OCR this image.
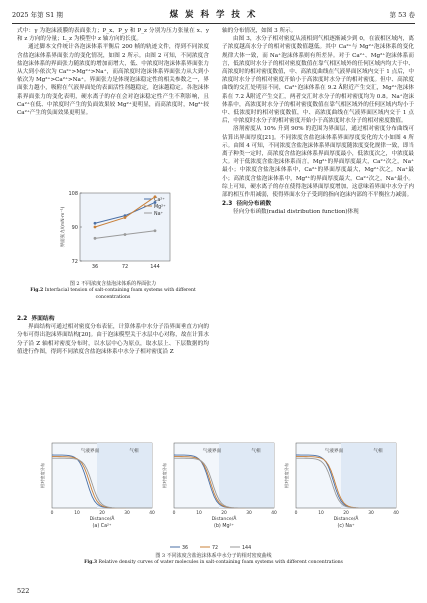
2025 年第 S1 期	煤 炭 科 学 技 术	第 53 卷

式中：γ 为泡沫液膜的表面张力；P_x、P_y 和 P_z 分别为压力张量在 x、y 和 z 方向的分量；L_z 为模型中 z 轴方向的长度。

通过脚本文件统计各泡沫体系平衡后 200 帧的轨迹文件，得到不同浓度含盐泡沫体系界面张力的变化情况，如图 2 所示。由图 2 可知，不同浓度含盐泡沫体系的界面张力随浓度的增加而增大，低、中浓度时泡沫体系界面张力从大到小依次为 Ca²⁺>Mg²⁺>Na⁺，而高浓度时泡沫体系界面张力从大到小依次为 Mg²⁺>Ca²⁺>Na⁺。界面张力是体现泡沫稳定性的相关参数之一，界面张力越小，吸附在气液界面处的表面活性剂越稳定，泡沫越稳定。各泡沫体系界面张力的变化表明，硬水离子的存在会对泡沫稳定性产生不利影响，且 Ca²⁺在低、中浓度时产生的负面效果较 Mg²⁺更明显，而高浓度时，Mg²⁺较 Ca²⁺产生的负面效果更明显。

72
90
108
36	72	144
界面张力/(mN·m⁻¹)
Ca²⁺
Mg²⁺
Na⁺
图 2 不同浓度含盐泡沫体系的界面张力
Fig.2 Interfacial tension of salt-containing foam systems with different concentrations
2.2 界面结构

界面结构可通过相对密度分布表征，计算体系中水分子沿界面垂直方向的分布可得出泡沫界面结构[20]。由于泡沫模型关于水层中心对称，故在计算水分子沿 Z 轴相对密度分布时，以水层中心为原点，取水层上、下层数据的均值进行作图，得到不同浓度含盐泡沫体系中水分子相对密度沿 Z

轴的分布情况，如图 3 所示。

由图 3，水分子相对密度从液相到气相逐渐减少到 0，在液相区域内，离子浓度越高水分子的相对密度数值越低。其中 Ca²⁺与 Mg²⁺泡沫体系的变化规律大体一致，而 Na⁺泡沫体系则有所差异。对于 Ca²⁺、Mg²⁺泡沫体系而言，低浓度时水分子的相对密度数值在靠气相区域外的任何区域内均大于中、高浓度时的相对密度数值，中、高浓度曲线在气液界面区域内交于 1 点后，中浓度时水分子的相对密度开始小于高浓度时水分子的相对密度。但中、高浓度曲线的交汇处明显不同，Ca²⁺泡沫体系在 9.2 Å附近产生交汇，Mg²⁺泡沫体系在 7.2 Å附近产生交汇，两者交汇时水分子的相对密度均为 0.8。Na⁺泡沫体系中，高浓度时水分子的相对密度数值在靠气相区域外的任何区域内均小于中、低浓度时的相对密度数值，中、高浓度曲线在气液界面区域内交于 1 点后，中浓度时水分子的相对密度开始小于高浓度时水分子的相对密度数值。

溶剂密度从 10% 升到 90% 的范围为界面层，通过相对密度分布曲线可估算出界面厚度[21]。不同浓度含盐泡沫体系界面厚度变化的大小如图 4 所示。由图 4 可知，不同浓度含盐泡沫体系界面厚度随浓度变化规律一致，即当离子种类一定时，高浓度含盐泡沫体系界面厚度最小，低浓度次之，中浓度最大。对于低浓度含盐泡沫体系而言，Mg²⁺的界面厚度最大，Ca²⁺次之，Na⁺最小；中浓度含盐泡沫体系中，Ca²⁺的界面厚度最大，Mg²⁺次之，Na⁺最小；高浓度含盐泡沫体系中，Mg²⁺的界面厚度最大，Ca²⁺次之，Na⁺最小。综上可知，硬水离子的存在使得泡沫界面厚度增加，这意味着界面中水分子内部的相互作用减弱，使得界面水分子受到的指向泡沫内部的不平衡拉力减弱。

2.3 径向分布函数

径向分布函数(radial distribution function)体现

气液界面	气相
0	10	20	30	40
Distance/Å
(a) Ca²⁺
相对密度分布
气液界面	气相
0	10	20	30	40
Distance/Å
(b) Mg²⁺
相对密度分布
气液界面	气相
0	10	20	30	40
Distance/Å
(c) Na⁺
相对密度分布
36	72	144
图 3 不同浓度含盐泡沫体系中水分子的相对密度曲线
Fig.3 Relative density curves of water molecules in salt-containing foam systems with different concentrations
522
